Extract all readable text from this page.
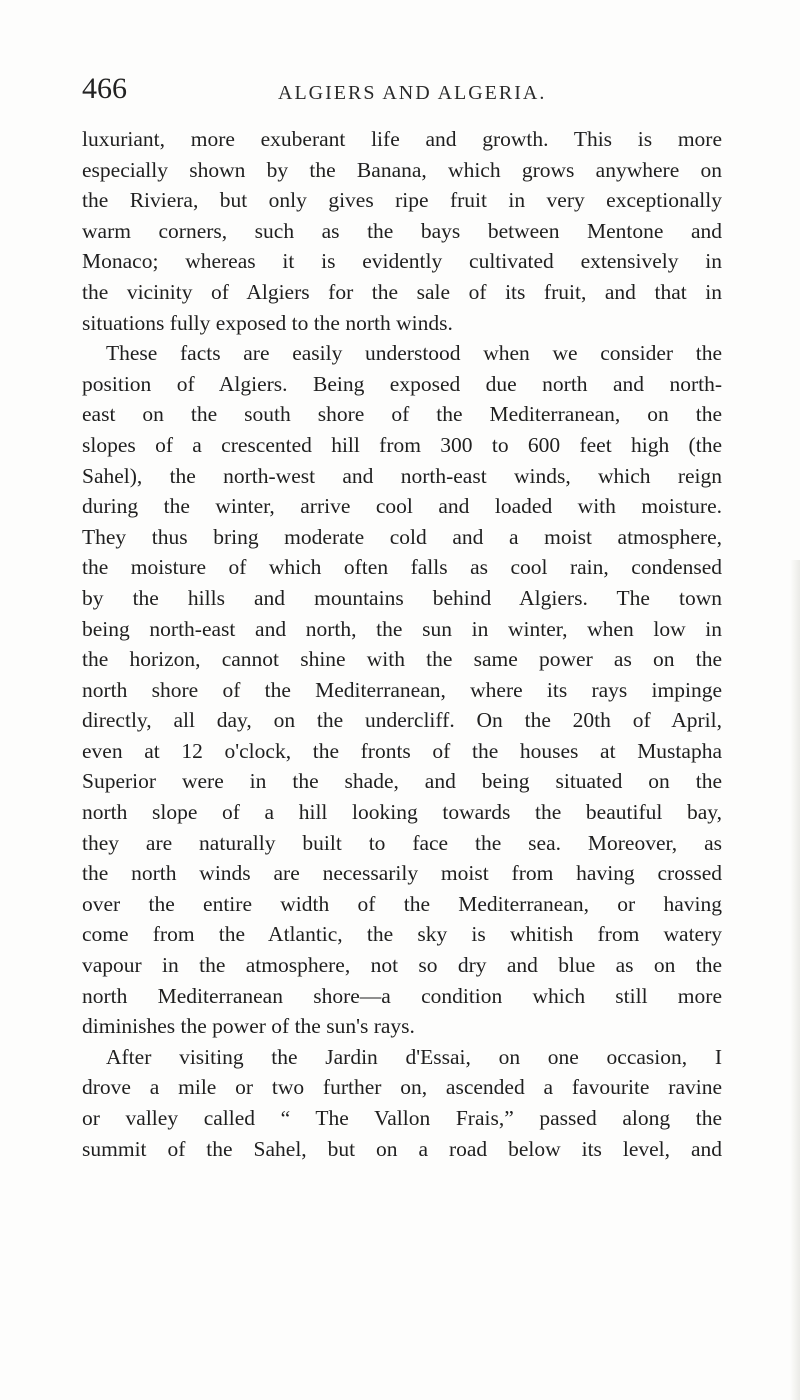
466	ALGIERS AND ALGERIA.
luxuriant, more exuberant life and growth. This is more
especially shown by the Banana, which grows anywhere on
the Riviera, but only gives ripe fruit in very exceptionally
warm corners, such as the bays between Mentone and
Monaco; whereas it is evidently cultivated extensively in
the vicinity of Algiers for the sale of its fruit, and that in
situations fully exposed to the north winds.
These facts are easily understood when we consider the
position of Algiers. Being exposed due north and north-
east on the south shore of the Mediterranean, on the
slopes of a crescented hill from 300 to 600 feet high (the
Sahel), the north-west and north-east winds, which reign
during the winter, arrive cool and loaded with moisture.
They thus bring moderate cold and a moist atmosphere,
the moisture of which often falls as cool rain, condensed
by the hills and mountains behind Algiers. The town
being north-east and north, the sun in winter, when low in
the horizon, cannot shine with the same power as on the
north shore of the Mediterranean, where its rays impinge
directly, all day, on the undercliff. On the 20th of April,
even at 12 o'clock, the fronts of the houses at Mustapha
Superior were in the shade, and being situated on the
north slope of a hill looking towards the beautiful bay,
they are naturally built to face the sea. Moreover, as
the north winds are necessarily moist from having crossed
over the entire width of the Mediterranean, or having
come from the Atlantic, the sky is whitish from watery
vapour in the atmosphere, not so dry and blue as on the
north Mediterranean shore—a condition which still more
diminishes the power of the sun's rays.
After visiting the Jardin d'Essai, on one occasion, I
drove a mile or two further on, ascended a favourite ravine
or valley called “ The Vallon Frais,” passed along the
summit of the Sahel, but on a road below its level, and
